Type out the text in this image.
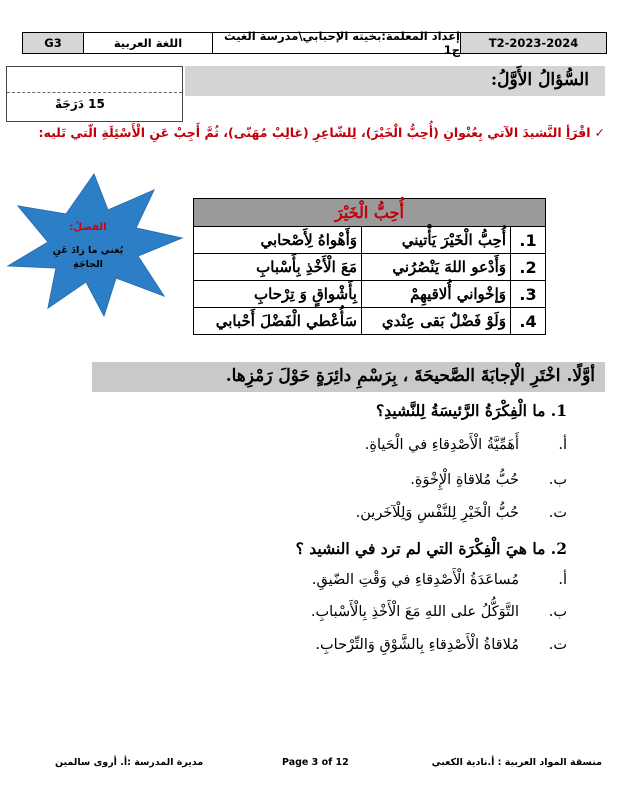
G3	اللغة العربية	إعداد المعلمة:بخيته الإحبابي\مدرسة الغيث ح1	T2-2023-2024
15 دَرَجَةً
السُّؤالُ الأَوَّلُ:
✓اقْرَأِ النَّشيدَ الآتي بِعُنْوانِ (أُحِبُّ الْخَيْرَ)، لِلشّاعِرِ (غالِبْ مُهَنّى)، ثُمَّ أَجِبْ عَنِ الْأَسْئِلَةِ الّتي تَليه:
الفضلُ:
يُغني ما زادَ عَنِ الحاجَةِ
أُحِبُّ الْخَيْرَ		
1.	أُحِبُّ الْخَيْرَ يَأْتيني	وَأَهْواهُ لِأَصْحابي
2.	وَأَدْعو اللهَ يَنْصُرُني	مَعَ الْأَخْذِ بِأَسْبابِ
3.	وَإخْواني أُلاقيهِمْ	بِأَشْواقٍ وَ تِرْحابِ
4.	وَلَوْ فَضْلٌ بَقى عِنْدي	سَأُعْطي الْفَضْلَ أَحْبابي
أوَّلًا. اخْتَرِ الْإجابَةَ الصَّحيحَةَ ، بِرَسْمِ دائِرَةٍ حَوْلَ رَمْزِها.
1. ما الْفِكْرَةُ الرَّئيسَةُ لِلنَّشيدِ؟
أ.أَهَمِّيَّةُ الْأَصْدِقاءِ في الْحَياةِ.
ب.حُبُّ مُلاقاةِ الْإِخْوَةِ.
ت.حُبُّ الْخَيْرِ لِلنَّفْسِ وَلِلْآخَرين.
2. ما هيَ الْفِكْرَة التي لم ترد في النشيد ؟
أ.مُساعَدَةُ الْأَصْدِقاءِ في وَقْتِ الضّيقِ.
ب.التَّوَكُّلُ على اللهِ مَعَ الْأَخْذِ بِالْأَسْبابِ.
ت.مُلاقاةُ الْأَصْدِقاءِ بِالشَّوْقِ وَالتِّرْحابِ.
مديرة المدرسة :أ. أروى سالمين	Page 3 of 12	منسقة المواد العربية : أ.نادية الكعبي
